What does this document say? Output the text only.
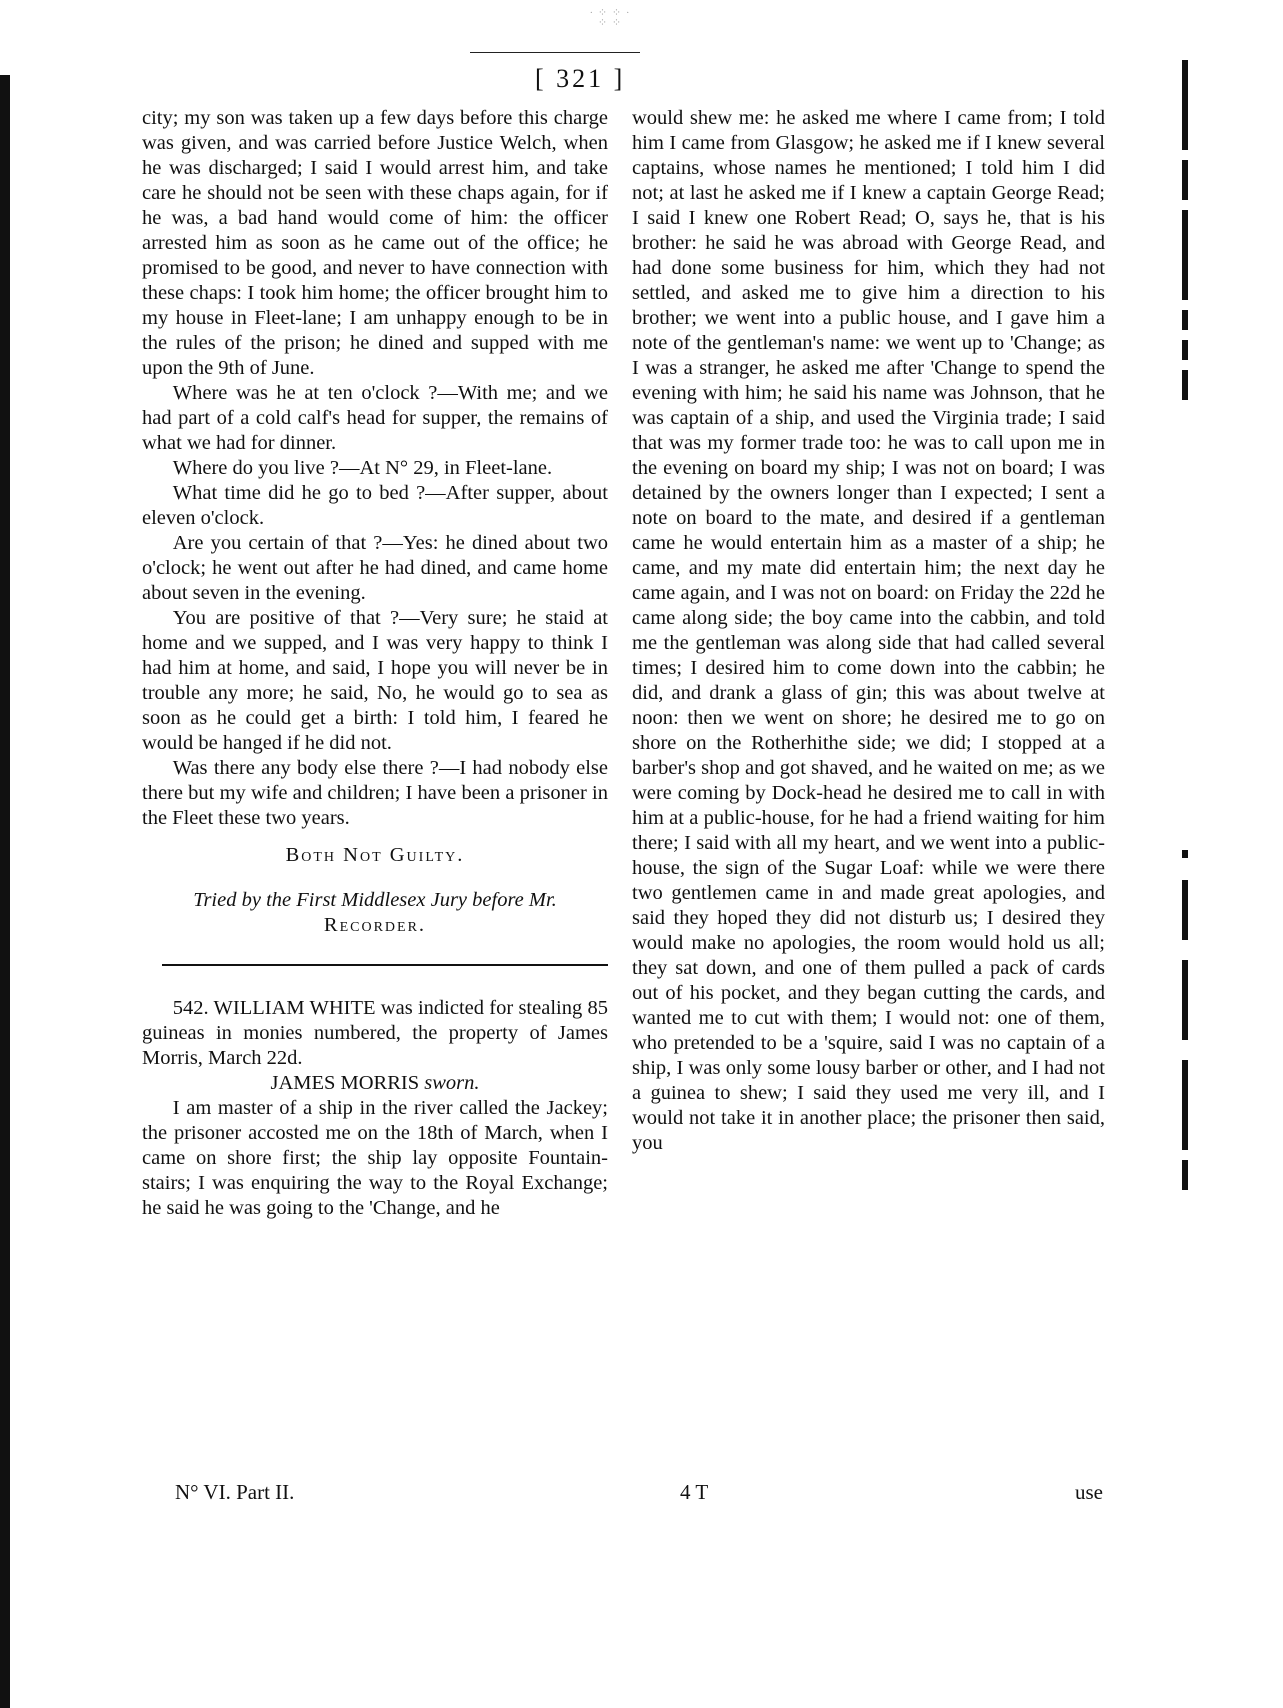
· ⁘ ⁘ ·
⁘ ⁘
[ 321 ]

city; my son was taken up a few days before this charge was given, and was carried before Justice Welch, when he was discharged; I said I would arrest him, and take care he should not be seen with these chaps again, for if he was, a bad hand would come of him: the officer arrested him as soon as he came out of the office; he promised to be good, and never to have connection with these chaps: I took him home; the officer brought him to my house in Fleet-lane; I am unhappy enough to be in the rules of the prison; he dined and supped with me upon the 9th of June.

Where was he at ten o'clock ?—With me; and we had part of a cold calf's head for supper, the remains of what we had for dinner.

Where do you live ?—At N° 29, in Fleet-lane.

What time did he go to bed ?—After supper, about eleven o'clock.

Are you certain of that ?—Yes: he dined about two o'clock; he went out after he had dined, and came home about seven in the evening.

You are positive of that ?—Very sure; he staid at home and we supped, and I was very happy to think I had him at home, and said, I hope you will never be in trouble any more; he said, No, he would go to sea as soon as he could get a birth: I told him, I feared he would be hanged if he did not.

Was there any body else there ?—I had nobody else there but my wife and children; I have been a prisoner in the Fleet these two years.

Both Not Guilty.

Tried by the First Middlesex Jury before Mr.
Recorder.

542. WILLIAM WHITE was indicted for stealing 85 guineas in monies numbered, the property of James Morris, March 22d.

JAMES MORRIS sworn.

I am master of a ship in the river called the Jackey; the prisoner accosted me on the 18th of March, when I came on shore first; the ship lay opposite Fountain-stairs; I was enquiring the way to the Royal Exchange; he said he was going to the 'Change, and he

would shew me: he asked me where I came from; I told him I came from Glasgow; he asked me if I knew several captains, whose names he mentioned; I told him I did not; at last he asked me if I knew a captain George Read; I said I knew one Robert Read; O, says he, that is his brother: he said he was abroad with George Read, and had done some business for him, which they had not settled, and asked me to give him a direction to his brother; we went into a public house, and I gave him a note of the gentleman's name: we went up to 'Change; as I was a stranger, he asked me after 'Change to spend the evening with him; he said his name was Johnson, that he was captain of a ship, and used the Virginia trade; I said that was my former trade too: he was to call upon me in the evening on board my ship; I was not on board; I was detained by the owners longer than I expected; I sent a note on board to the mate, and desired if a gentleman came he would entertain him as a master of a ship; he came, and my mate did entertain him; the next day he came again, and I was not on board: on Friday the 22d he came along side; the boy came into the cabbin, and told me the gentleman was along side that had called several times; I desired him to come down into the cabbin; he did, and drank a glass of gin; this was about twelve at noon: then we went on shore; he desired me to go on shore on the Rotherhithe side; we did; I stopped at a barber's shop and got shaved, and he waited on me; as we were coming by Dock-head he desired me to call in with him at a public-house, for he had a friend waiting for him there; I said with all my heart, and we went into a public-house, the sign of the Sugar Loaf: while we were there two gentlemen came in and made great apologies, and said they hoped they did not disturb us; I desired they would make no apologies, the room would hold us all; they sat down, and one of them pulled a pack of cards out of his pocket, and they began cutting the cards, and wanted me to cut with them; I would not: one of them, who pretended to be a 'squire, said I was no captain of a ship, I was only some lousy barber or other, and I had not a guinea to shew; I said they used me very ill, and I would not take it in another place; the prisoner then said, you

N° VI. Part II.	4 T	use
